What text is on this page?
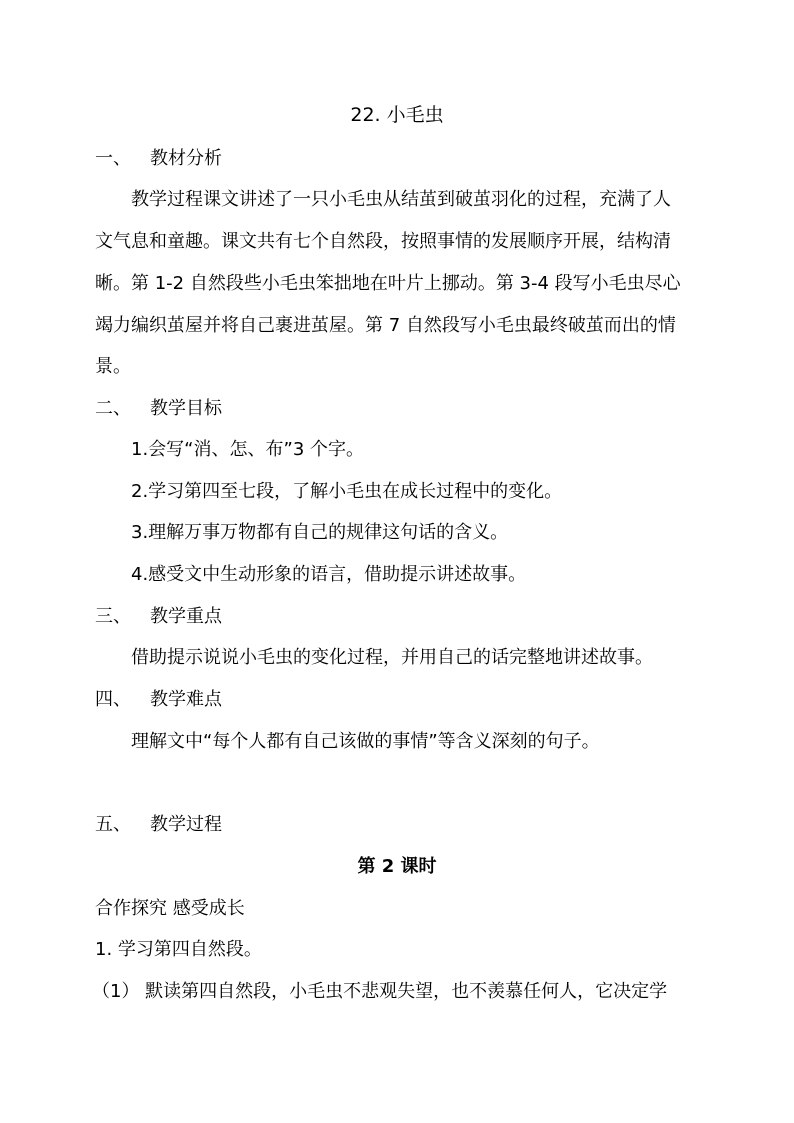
22. 小毛虫
一、 教材分析
教学过程课文讲述了一只小毛虫从结茧到破茧羽化的过程，充满了人
文气息和童趣。课文共有七个自然段，按照事情的发展顺序开展，结构清
晰。第 1-2 自然段些小毛虫笨拙地在叶片上挪动。第 3-4 段写小毛虫尽心
竭力编织茧屋并将自己裹进茧屋。第 7 自然段写小毛虫最终破茧而出的情
景。
二、 教学目标
1.会写“消、怎、布”3 个字。
2.学习第四至七段，了解小毛虫在成长过程中的变化。
3.理解万事万物都有自己的规律这句话的含义。
4.感受文中生动形象的语言，借助提示讲述故事。
三、 教学重点
借助提示说说小毛虫的变化过程，并用自己的话完整地讲述故事。
四、 教学难点
理解文中“每个人都有自己该做的事情”等含义深刻的句子。
五、 教学过程
第 2 课时
合作探究 感受成长
1. 学习第四自然段。
（1） 默读第四自然段，小毛虫不悲观失望，也不羡慕任何人，它决定学
